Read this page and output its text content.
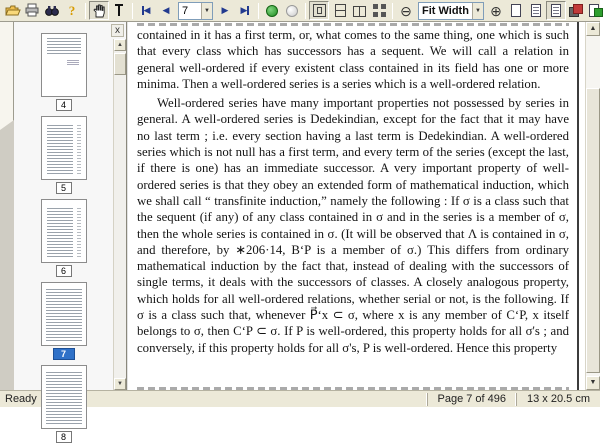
?	◀ ◀
7	▼ ▶ ▶	⊖ Fit Width	▼ ⊕
4
5
6
7
8
x
▲
▼

contained in it has a first term, or, what comes to the same thing, one which is such that every class which has successors has a sequent. We will call a relation in general well-ordered if every existent class contained in its field has one or more minima. Then a well-ordered series is a series which is a well-ordered relation.

Well-ordered series have many important properties not possessed by series in general. A well-ordered series is Dedekindian, except for the fact that it may have no last term ; i.e. every section having a last term is Dedekindian. A well-ordered series which is not null has a first term, and every term of the series (except the last, if there is one) has an immediate successor. A very important property of well-ordered series is that they obey an extended form of mathematical induction, which we shall call “ transfinite induction,” namely the following : If σ is a class such that the sequent (if any) of any class contained in σ and in the series is a member of σ, then the whole series is contained in σ. (It will be observed that Λ is contained in σ, and therefore, by ∗206·14, B‘P is a member of σ.) This differs from ordinary mathematical induction by the fact that, instead of dealing with the successors of single terms, it deals with the successors of classes. A closely analogous property, which holds for all well-ordered relations, whether serial or not, is the following. If σ is a class such that, whenever P⃗‘x ⊂ σ, where x is any member of C‘P, x itself belongs to σ, then C‘P ⊂ σ. If P is well-ordered, this property holds for all σ's ; and conversely, if this property holds for all σ's, P is well-ordered. Hence this property

▲
▼
Ready	Page 7 of 496	13 x 20.5 cm
